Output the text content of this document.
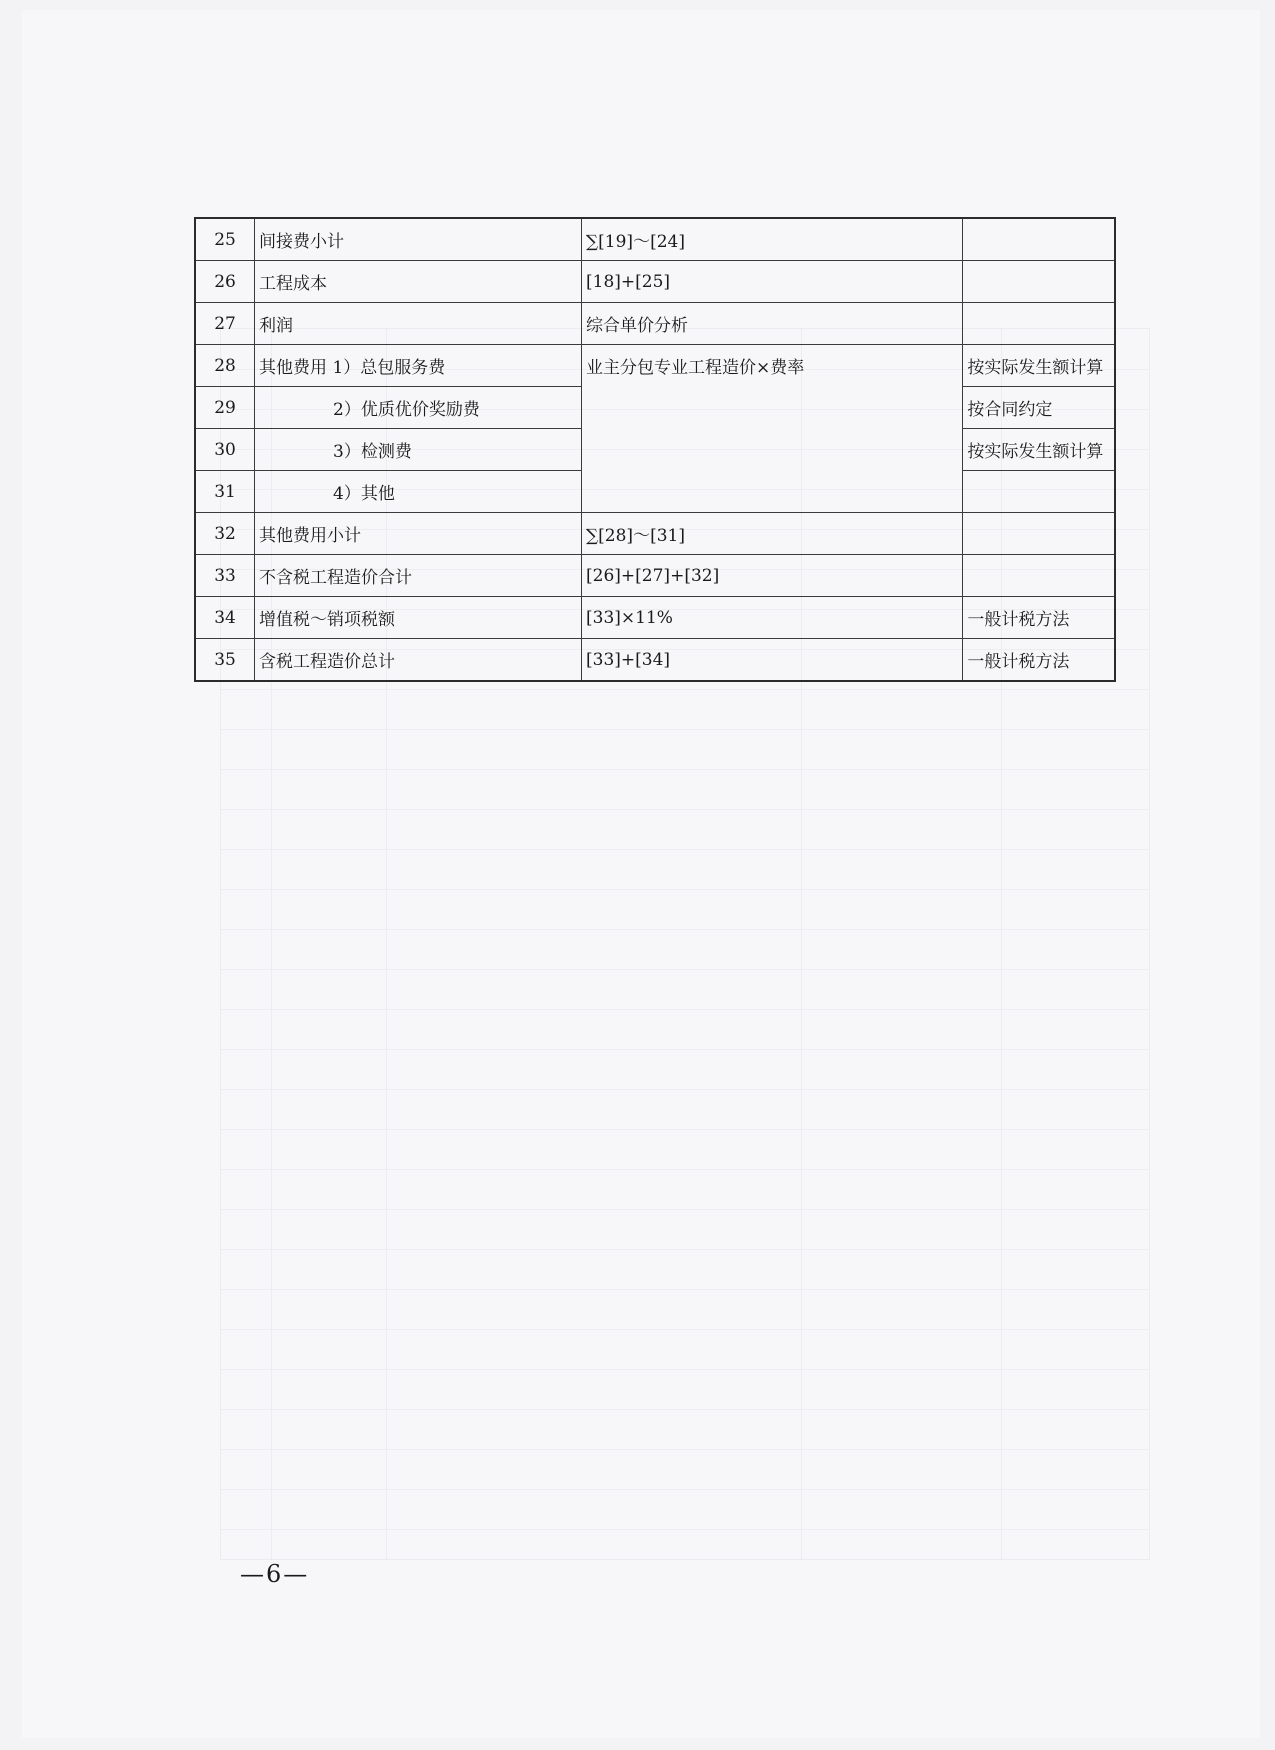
25	间接费小计	∑[19]～[24]	
26	工程成本	[18]+[25]	
27	利润	综合单价分析	
28	其他费用 1）总包服务费	业主分包专业工程造价×费率	按实际发生额计算
29	2）优质优价奖励费		按合同约定
30	3）检测费		按实际发生额计算
31	4）其他		
32	其他费用小计	∑[28]～[31]	
33	不含税工程造价合计	[26]+[27]+[32]	
34	增值税～销项税额	[33]×11%	一般计税方法
35	含税工程造价总计	[33]+[34]	一般计税方法
—6—
